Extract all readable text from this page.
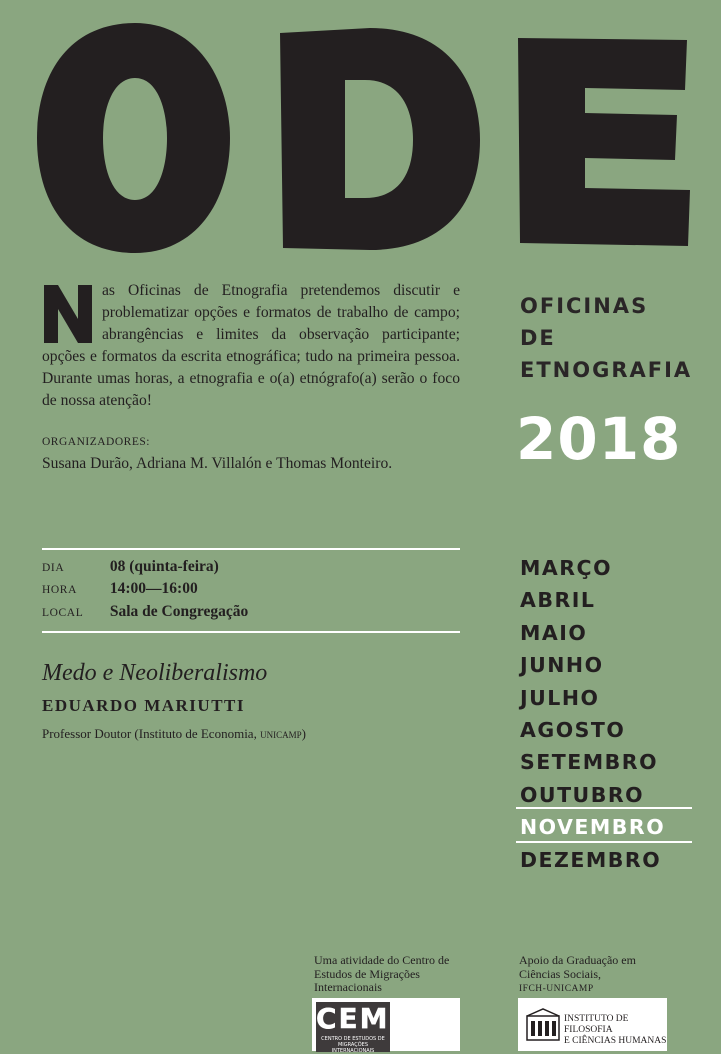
as Oficinas de Etnografia pretendemos discutir e problematizar opções e formatos de trabalho de campo; abrangências e limites da observação participante; opções e formatos da escrita etnográfica; tudo na primeira pessoa. Durante umas horas, a etnografia e o(a) etnógrafo(a) serão o foco de nossa atenção!
ORGANIZADORES:
Susana Durão, Adriana M. Villalón e Thomas Monteiro.
OFICINAS
DE
ETNOGRAFIA
2018
DIA	08 (quinta-feira)
HORA 14:00—16:00
LOCAL Sala de Congregação
Medo e Neoliberalismo
EDUARDO MARIUTTI
Professor Doutor (Instituto de Economia, unicamp)
MARÇO
ABRIL
MAIO
JUNHO
JULHO
AGOSTO
SETEMBRO
OUTUBRO
NOVEMBRO
DEZEMBRO
Uma atividade do Centro de Estudos de Migrações Internacionais
CEMI
CENTRO DE ESTUDOS DE MIGRAÇÕES INTERNACIONAIS
Apoio da Graduação em Ciências Sociais,
IFCH-UNICAMP
INSTITUTO DE FILOSOFIA
E CIÊNCIAS HUMANAS
